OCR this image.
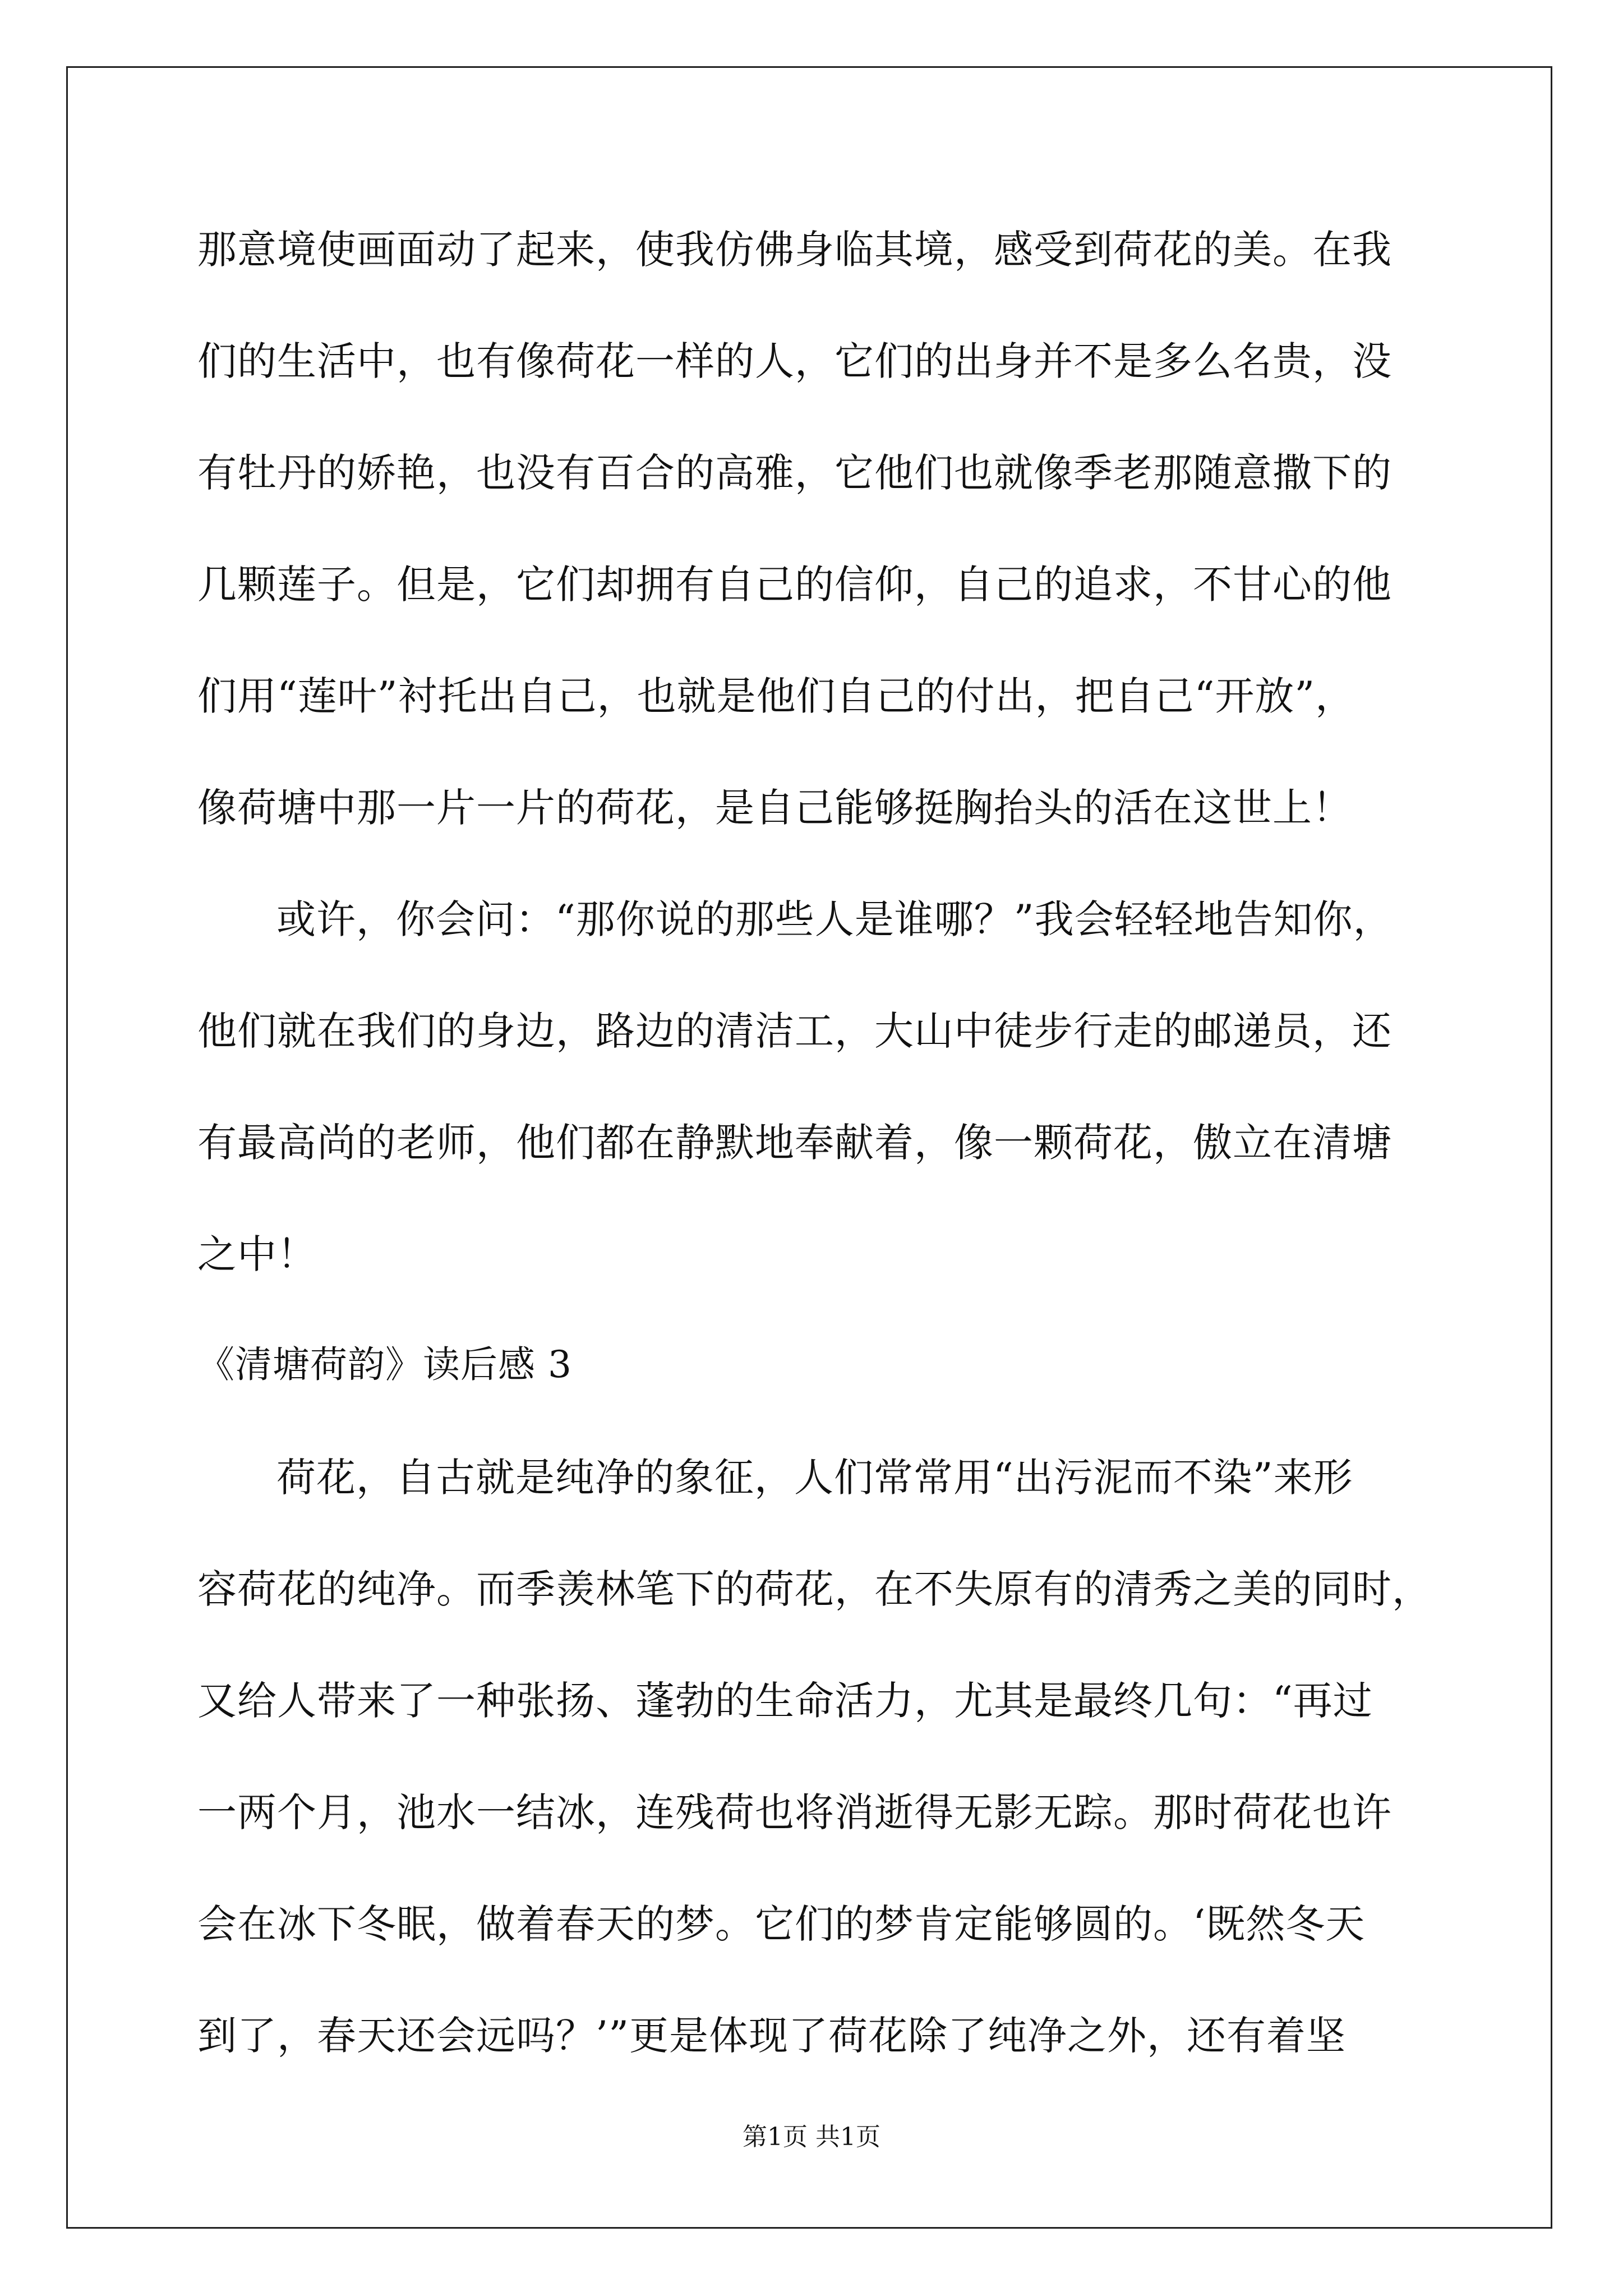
那意境使画面动了起来，使我仿佛身临其境，感受到荷花的美。在我
们的生活中，也有像荷花一样的人，它们的出身并不是多么名贵，没
有牡丹的娇艳，也没有百合的高雅，它他们也就像季老那随意撒下的
几颗莲子。但是，它们却拥有自己的信仰，自己的追求，不甘心的他
们用“莲叶”衬托出自己，也就是他们自己的付出，把自己“开放”，
像荷塘中那一片一片的荷花，是自己能够挺胸抬头的活在这世上！
或许，你会问：“那你说的那些人是谁哪？”我会轻轻地告知你，
他们就在我们的身边，路边的清洁工，大山中徒步行走的邮递员，还
有最高尚的老师，他们都在静默地奉献着，像一颗荷花，傲立在清塘
之中！
《清塘荷韵》读后感 3
荷花，自古就是纯净的象征，人们常常用“出污泥而不染”来形
容荷花的纯净。而季羡林笔下的荷花，在不失原有的清秀之美的同时，
又给人带来了一种张扬、蓬勃的生命活力，尤其是最终几句：“再过
一两个月，池水一结冰，连残荷也将消逝得无影无踪。那时荷花也许
会在冰下冬眠，做着春天的梦。它们的梦肯定能够圆的。‘既然冬天
到了，春天还会远吗？’”更是体现了荷花除了纯净之外，还有着坚
第1页 共1页
